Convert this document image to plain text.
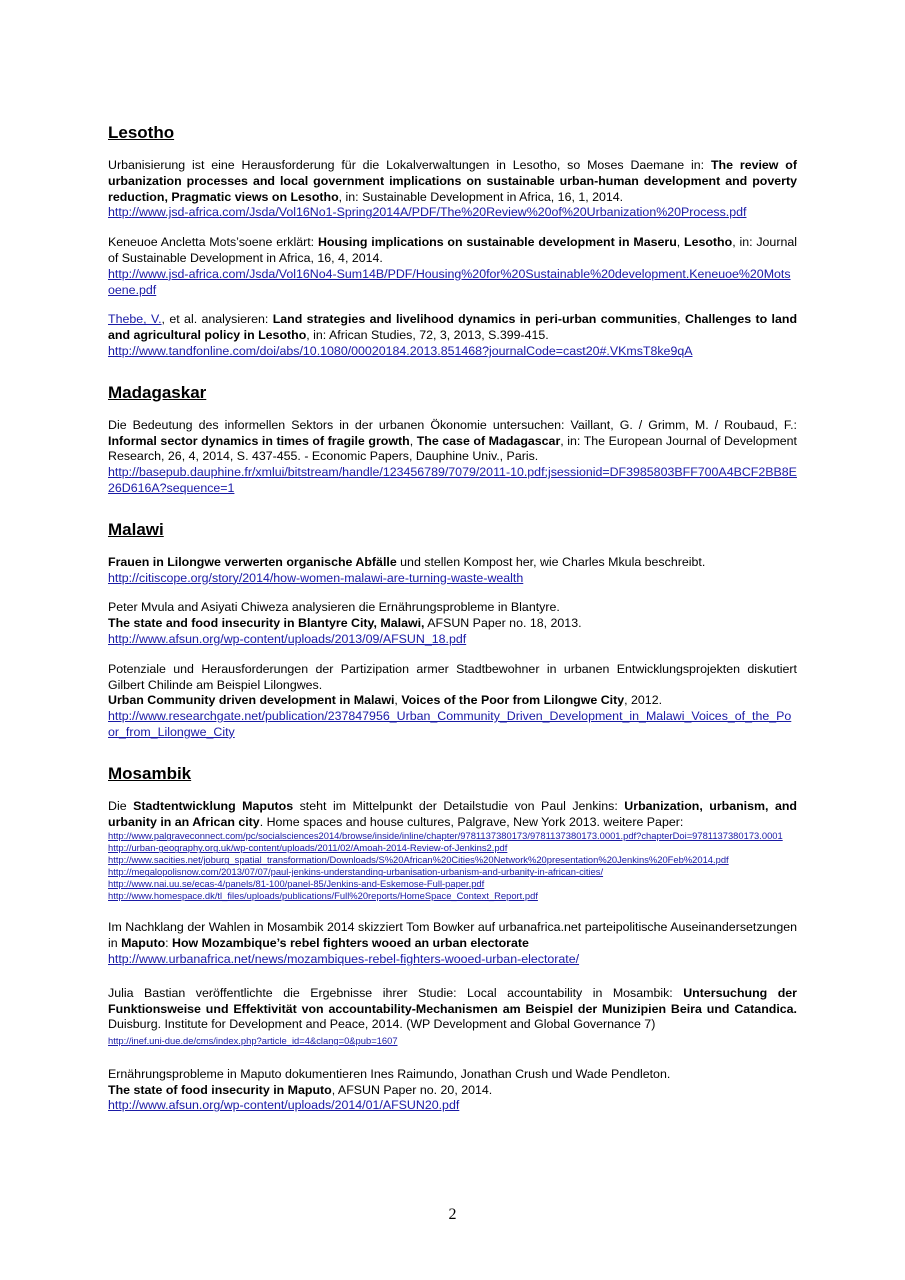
Lesotho

Urbanisierung ist eine Herausforderung für die Lokalverwaltungen in Lesotho, so Moses Daemane in: The review of urbanization processes and local government implications on sustainable urban-human development and poverty reduction, Pragmatic views on Lesotho, in: Sustainable Development in Africa, 16, 1, 2014.
http://www.jsd-africa.com/Jsda/Vol16No1-Spring2014A/PDF/The%20Review%20of%20Urbanization%20Process.pdf

Keneuoe Ancletta Mots’soene erklärt: Housing implications on sustainable development in Maseru, Lesotho, in: Journal of Sustainable Development in Africa, 16, 4, 2014.
http://www.jsd-africa.com/Jsda/Vol16No4-Sum14B/PDF/Housing%20for%20Sustainable%20development.Keneuoe%20Motsoene.pdf

Thebe, V., et al. analysieren: Land strategies and livelihood dynamics in peri-urban communities, Challenges to land and agricultural policy in Lesotho, in: African Studies, 72, 3, 2013, S.399-415.
http://www.tandfonline.com/doi/abs/10.1080/00020184.2013.851468?journalCode=cast20#.VKmsT8ke9qA

Madagaskar

Die Bedeutung des informellen Sektors in der urbanen Ökonomie untersuchen: Vaillant, G. / Grimm, M. / Roubaud, F.: Informal sector dynamics in times of fragile growth, The case of Madagascar, in: The European Journal of Development Research, 26, 4, 2014, S. 437-455. - Economic Papers, Dauphine Univ., Paris.
http://basepub.dauphine.fr/xmlui/bitstream/handle/123456789/7079/2011-10.pdf;jsessionid=DF3985803BFF700A4BCF2BB8E26D616A?sequence=1

Malawi

Frauen in Lilongwe verwerten organische Abfälle und stellen Kompost her, wie Charles Mkula beschreibt.
http://citiscope.org/story/2014/how-women-malawi-are-turning-waste-wealth

Peter Mvula and Asiyati Chiweza analysieren die Ernährungsprobleme in Blantyre.
The state and food insecurity in Blantyre City, Malawi, AFSUN Paper no. 18, 2013.
http://www.afsun.org/wp-content/uploads/2013/09/AFSUN_18.pdf

Potenziale und Herausforderungen der Partizipation armer Stadtbewohner in urbanen Entwicklungsprojekten diskutiert Gilbert Chilinde am Beispiel Lilongwes.
Urban Community driven development in Malawi, Voices of the Poor from Lilongwe City, 2012.
http://www.researchgate.net/publication/237847956_Urban_Community_Driven_Development_in_Malawi_Voices_of_the_Poor_from_Lilongwe_City

Mosambik

Die Stadtentwicklung Maputos steht im Mittelpunkt der Detailstudie von Paul Jenkins: Urbanization, urbanism, and urbanity in an African city. Home spaces and house cultures, Palgrave, New York 2013. weitere Paper:

http://www.palgraveconnect.com/pc/socialsciences2014/browse/inside/inline/chapter/9781137380173/9781137380173.0001.pdf?chapterDoi=9781137380173.0001
http://urban-geography.org.uk/wp-content/uploads/2011/02/Amoah-2014-Review-of-Jenkins2.pdf
http://www.sacities.net/joburg_spatial_transformation/Downloads/S%20African%20Cities%20Network%20presentation%20Jenkins%20Feb%2014.pdf
http://megalopolisnow.com/2013/07/07/paul-jenkins-understanding-urbanisation-urbanism-and-urbanity-in-african-cities/
http://www.nai.uu.se/ecas-4/panels/81-100/panel-85/Jenkins-and-Eskemose-Full-paper.pdf
http://www.homespace.dk/tl_files/uploads/publications/Full%20reports/HomeSpace_Context_Report.pdf

Im Nachklang der Wahlen in Mosambik 2014 skizziert Tom Bowker auf urbanafrica.net parteipolitische Auseinandersetzungen in Maputo: How Mozambique’s rebel fighters wooed an urban electorate
http://www.urbanafrica.net/news/mozambiques-rebel-fighters-wooed-urban-electorate/

Julia Bastian veröffentlichte die Ergebnisse ihrer Studie: Local accountability in Mosambik: Untersuchung der Funktionsweise und Effektivität von accountability-Mechanismen am Beispiel der Munizipien Beira und Catandica. Duisburg. Institute for Development and Peace, 2014. (WP Development and Global Governance 7)
http://inef.uni-due.de/cms/index.php?article_id=4&clang=0&pub=1607

Ernährungsprobleme in Maputo dokumentieren Ines Raimundo, Jonathan Crush und Wade Pendleton.
The state of food insecurity in Maputo, AFSUN Paper no. 20, 2014.
http://www.afsun.org/wp-content/uploads/2014/01/AFSUN20.pdf

2
